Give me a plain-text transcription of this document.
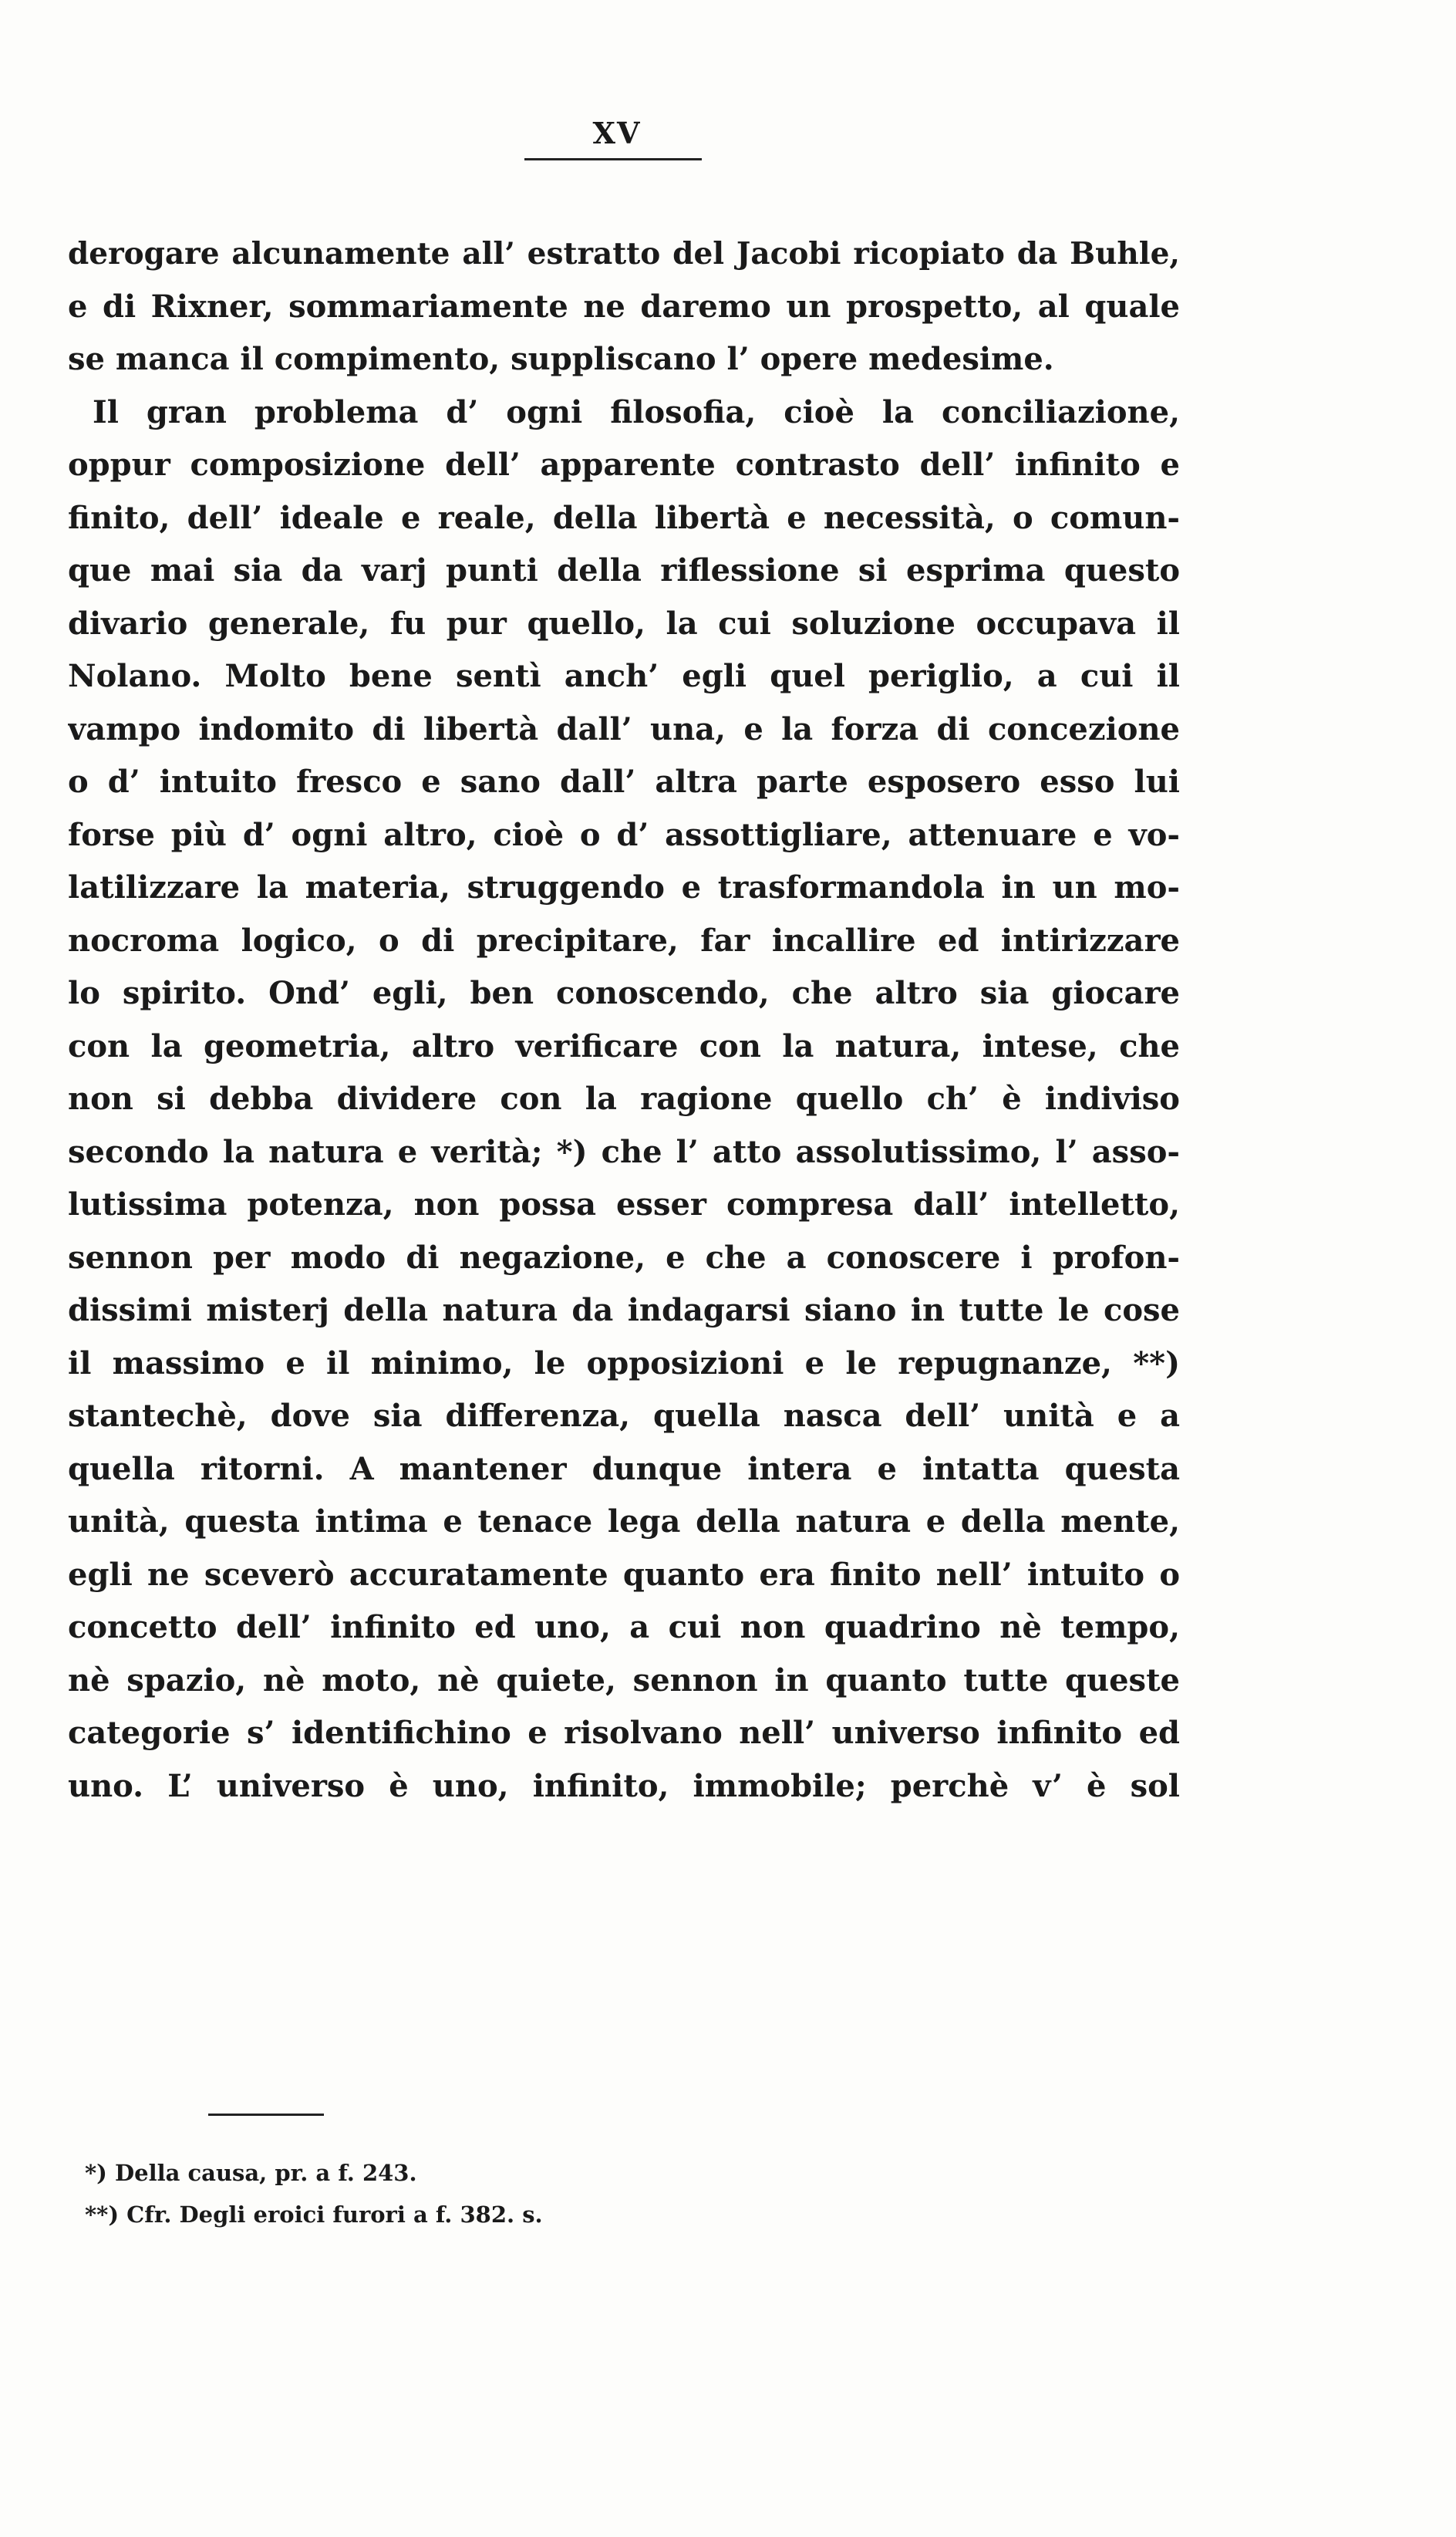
XV
derogare alcunamente all’ estratto del Jacobi ricopiato da Buhle,
e di Rixner, sommariamente ne daremo un prospetto, al quale
se manca il compimento, suppliscano l’ opere medesime.
Il gran problema d’ ogni filosofia, cioè la conciliazione,
oppur composizione dell’ apparente contrasto dell’ infinito e
finito, dell’ ideale e reale, della libertà e necessità, o comun-
que mai sia da varj punti della riflessione si esprima questo
divario generale, fu pur quello, la cui soluzione occupava il
Nolano. Molto bene sentì anch’ egli quel periglio, a cui il
vampo indomito di libertà dall’ una, e la forza di concezione
o d’ intuito fresco e sano dall’ altra parte esposero esso lui
forse più d’ ogni altro, cioè o d’ assottigliare, attenuare e vo-
latilizzare la materia, struggendo e trasformandola in un mo-
nocroma logico, o di precipitare, far incallire ed intirizzare
lo spirito. Ond’ egli, ben conoscendo, che altro sia giocare
con la geometria, altro verificare con la natura, intese, che
non si debba dividere con la ragione quello ch’ è indiviso
secondo la natura e verità; *) che l’ atto assolutissimo, l’ asso-
lutissima potenza, non possa esser compresa dall’ intelletto,
sennon per modo di negazione, e che a conoscere i profon-
dissimi misterj della natura da indagarsi siano in tutte le cose
il massimo e il minimo, le opposizioni e le repugnanze, **)
stantechè, dove sia differenza, quella nasca dell’ unità e a
quella ritorni. A mantener dunque intera e intatta questa
unità, questa intima e tenace lega della natura e della mente,
egli ne sceverò accuratamente quanto era finito nell’ intuito o
concetto dell’ infinito ed uno, a cui non quadrino nè tempo,
nè spazio, nè moto, nè quiete, sennon in quanto tutte queste
categorie s’ identifichino e risolvano nell’ universo infinito ed
uno. L’ universo è uno, infinito, immobile; perchè v’ è sol
*) Della causa, pr. a f. 243.
**) Cfr. Degli eroici furori a f. 382. s.
